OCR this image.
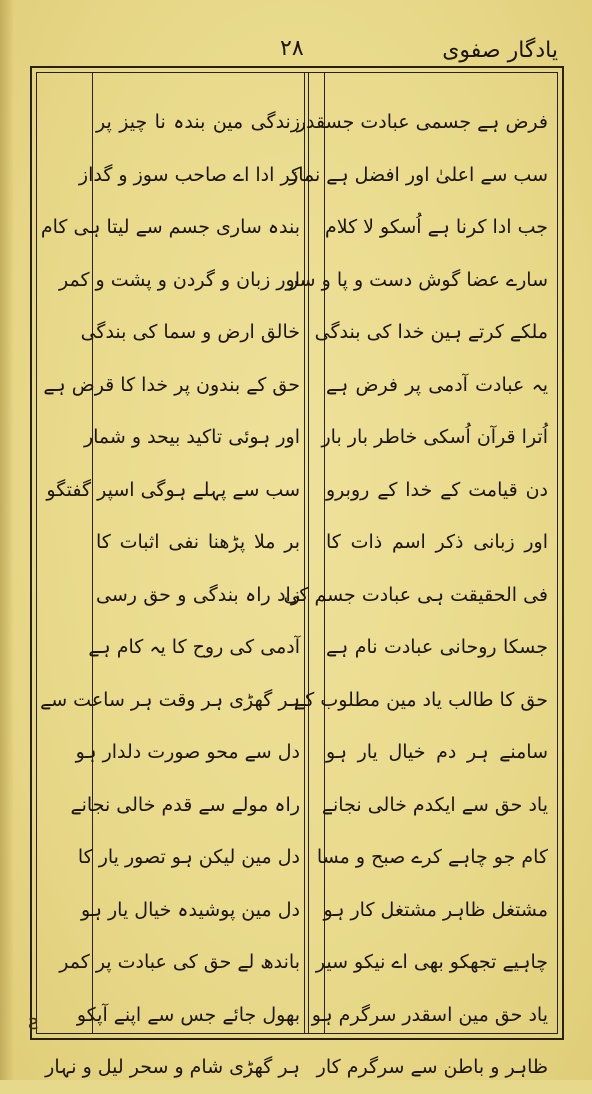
یادگار صفوی
۲۸
فرض ہے جسمی عبادت جسقدر
سب سے اعلیٰ اور افضل ہے نماز
جب ادا کرنا ہے اُسکو لا کلام
سارے عضا گوش دست و پا و سر
ملکے کرتے ہین خدا کی بندگی
یہ عبادت آدمی پر فرض ہے
اُترا قرآن اُسکی خاطر بار بار
دن قیامت کے خدا کے روبرو
اور زبانی ذکر اسم ذات کا
فی الحقیقت ہی عبادت جسم کی
جسکا روحانی عبادت نام ہے
حق کا طالب یاد مین مطلوب کے
سامنے ہر دم خیال یار ہو
یاد حق سے ایکدم خالی نجانے
کام جو چاہے کرے صبح و مسا
مشتغل ظاہر مشتغل کار ہو
چاہیے تجھکو بھی اے نیکو سیر
یاد حق مین اسقدر سرگرم ہو
ظاہر و باطن سے سرگرم کار
زندگی مین بندہ نا چیز پر
کر ادا اے صاحب سوز و گداز
بندہ ساری جسم سے لیتا ہی کام
اور زبان و گردن و پشت و کمر
خالق ارض و سما کی بندگی
حق کے بندون پر خدا کا قرض ہے
اور ہوئی تاکید بیحد و شمار
سب سے پہلے ہوگی اسپر گفتگو
بر ملا پڑھنا نفی اثبات کا
زاد راہ بندگی و حق رسی
آدمی کی روح کا یہ کام ہے
ہر گھڑی ہر وقت ہر ساعت سے
دل سے محو صورت دلدار ہو
راہ مولے سے قدم خالی نجانے
دل مین لیکن ہو تصور یار کا
دل مین پوشیدہ خیال یار ہو
باندھ لے حق کی عبادت پر کمر
بھول جائے جس سے اپنے آپکو
ہر گھڑی شام و سحر لیل و نہار
ƨ
